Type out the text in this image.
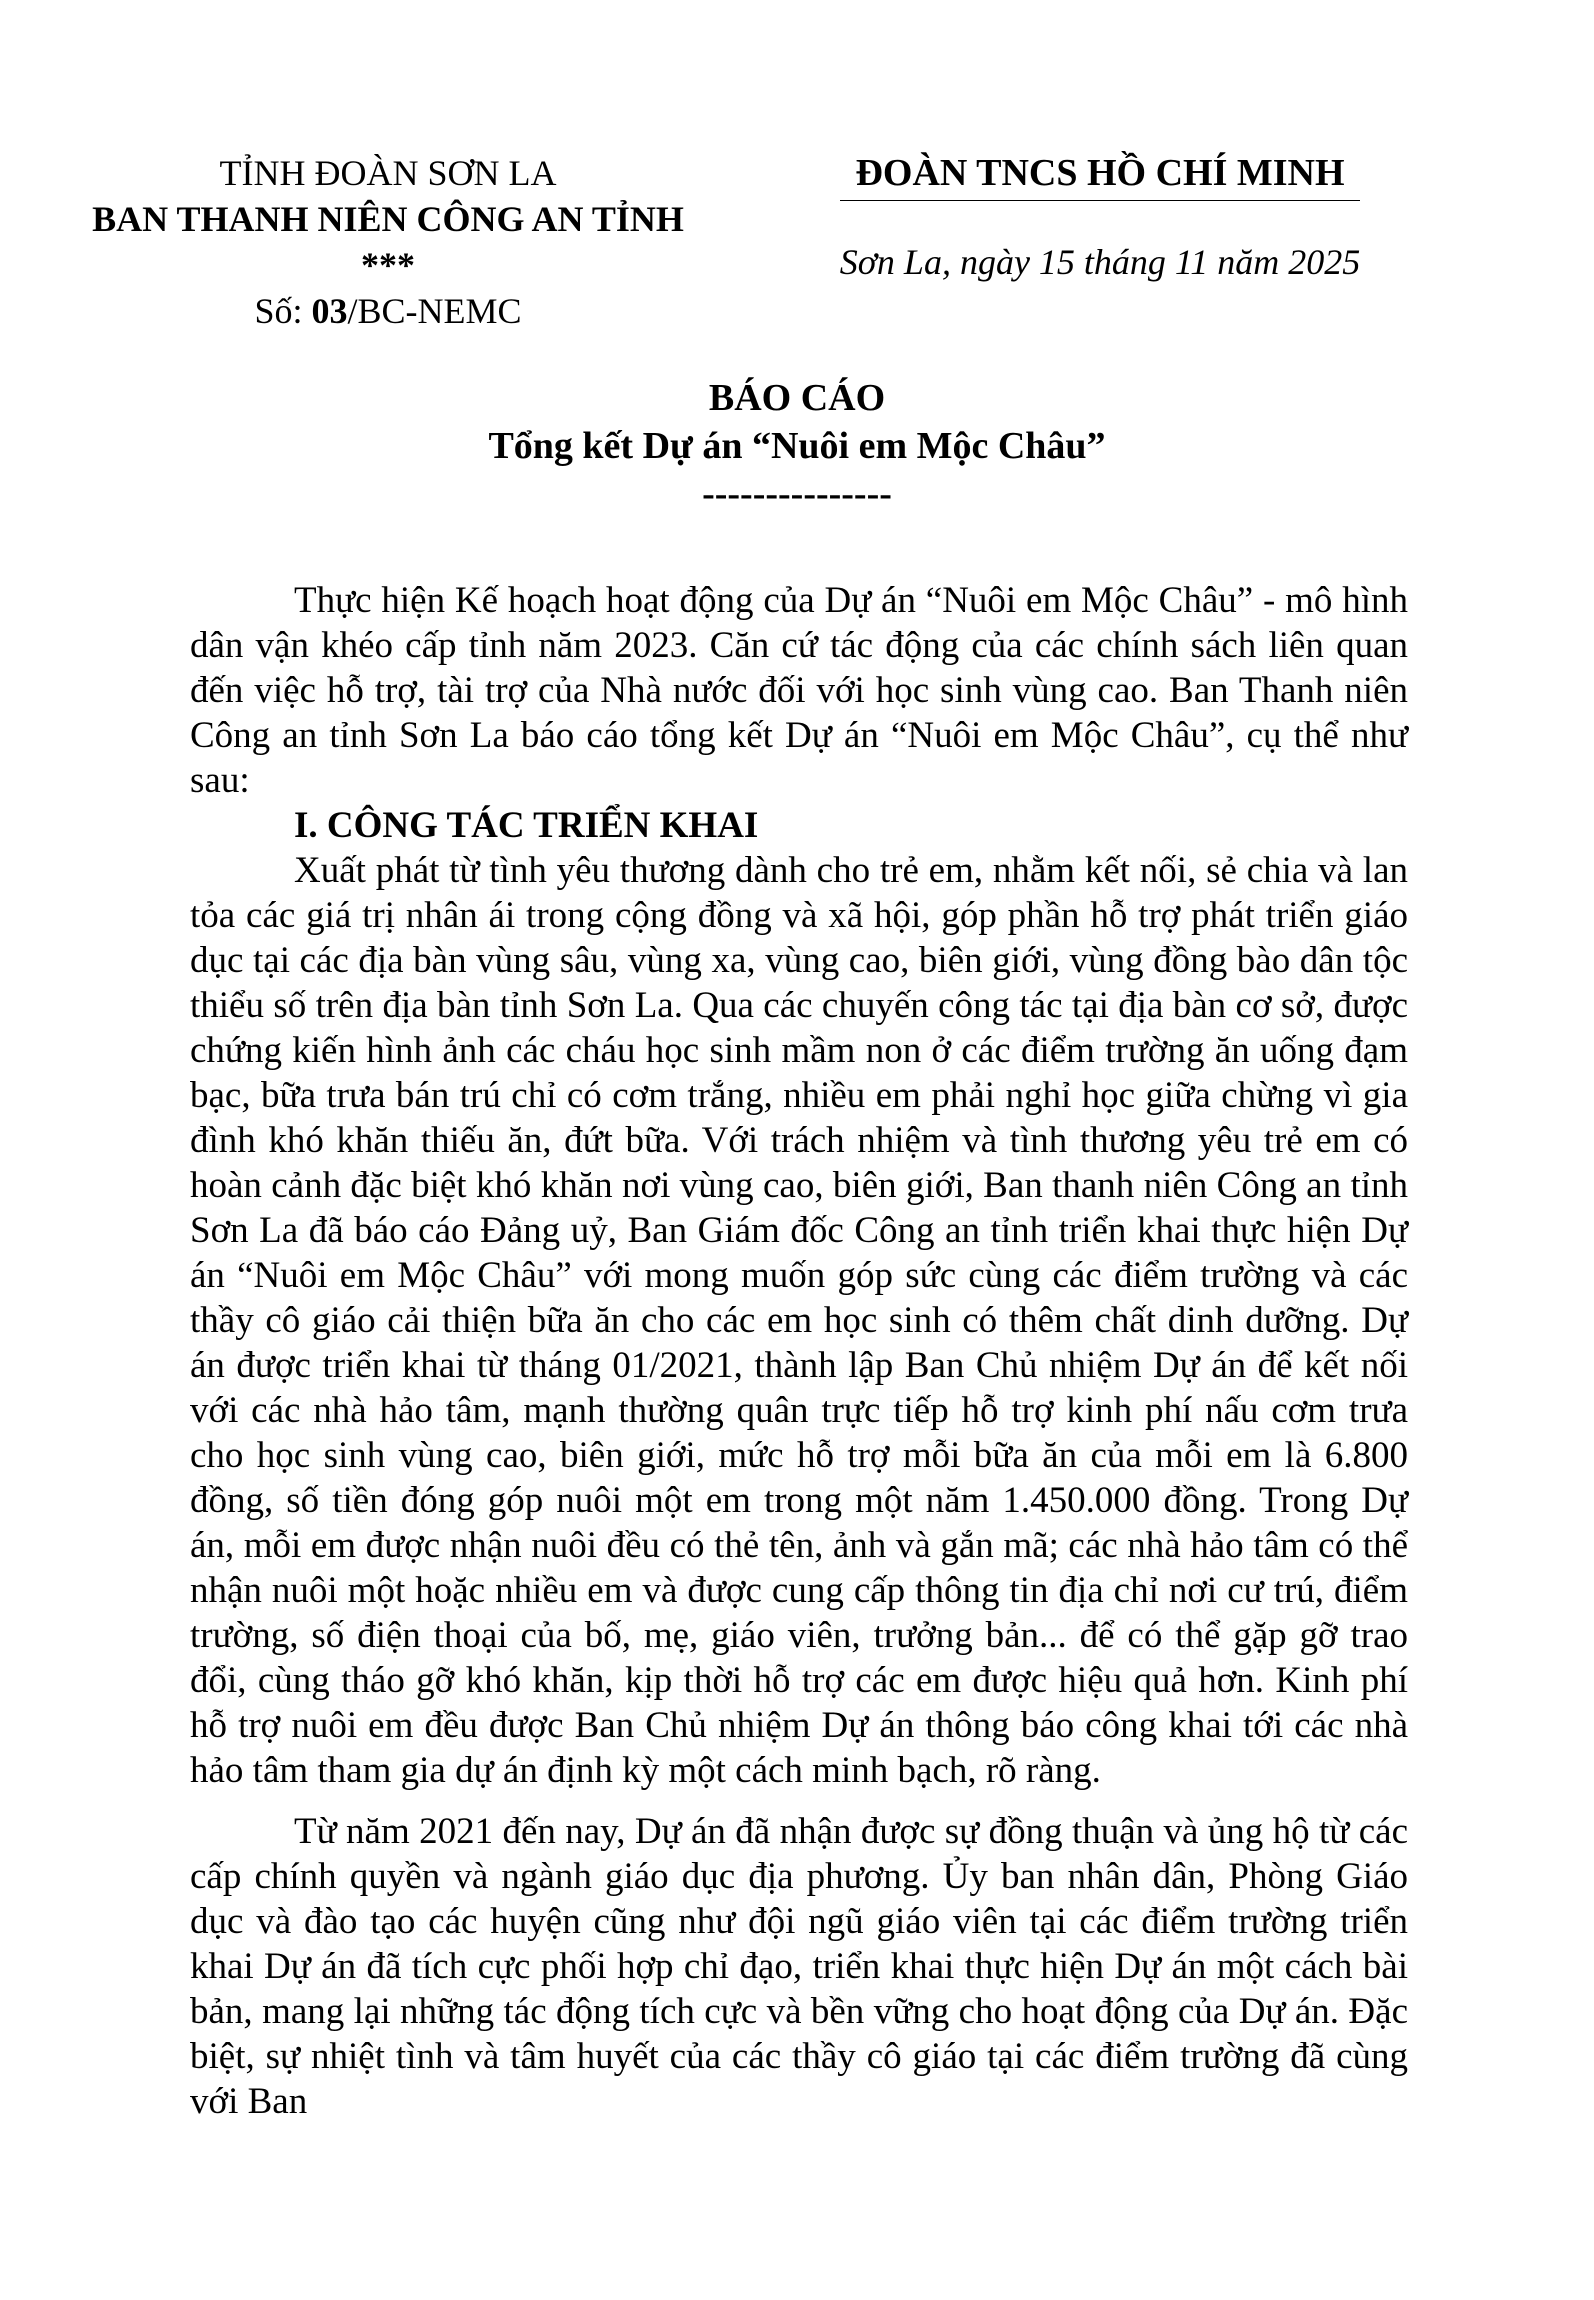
TỈNH ĐOÀN SƠN LA
BAN THANH NIÊN CÔNG AN TỈNH
***
Số: 03/BC-NEMC
ĐOÀN TNCS HỒ CHÍ MINH
Sơn La, ngày 15 tháng 11 năm 2025
BÁO CÁO
Tổng kết Dự án “Nuôi em Mộc Châu”
---------------

Thực hiện Kế hoạch hoạt động của Dự án “Nuôi em Mộc Châu” - mô hình dân vận khéo cấp tỉnh năm 2023. Căn cứ tác động của các chính sách liên quan đến việc hỗ trợ, tài trợ của Nhà nước đối với học sinh vùng cao. Ban Thanh niên Công an tỉnh Sơn La báo cáo tổng kết Dự án “Nuôi em Mộc Châu”, cụ thể như sau:

I. CÔNG TÁC TRIỂN KHAI

Xuất phát từ tình yêu thương dành cho trẻ em, nhằm kết nối, sẻ chia và lan tỏa các giá trị nhân ái trong cộng đồng và xã hội, góp phần hỗ trợ phát triển giáo dục tại các địa bàn vùng sâu, vùng xa, vùng cao, biên giới, vùng đồng bào dân tộc thiểu số trên địa bàn tỉnh Sơn La. Qua các chuyến công tác tại địa bàn cơ sở, được chứng kiến hình ảnh các cháu học sinh mầm non ở các điểm trường ăn uống đạm bạc, bữa trưa bán trú chỉ có cơm trắng, nhiều em phải nghỉ học giữa chừng vì gia đình khó khăn thiếu ăn, đứt bữa. Với trách nhiệm và tình thương yêu trẻ em có hoàn cảnh đặc biệt khó khăn nơi vùng cao, biên giới, Ban thanh niên Công an tỉnh Sơn La đã báo cáo Đảng uỷ, Ban Giám đốc Công an tỉnh triển khai thực hiện Dự án “Nuôi em Mộc Châu” với mong muốn góp sức cùng các điểm trường và các thầy cô giáo cải thiện bữa ăn cho các em học sinh có thêm chất dinh dưỡng. Dự án được triển khai từ tháng 01/2021, thành lập Ban Chủ nhiệm Dự án để kết nối với các nhà hảo tâm, mạnh thường quân trực tiếp hỗ trợ kinh phí nấu cơm trưa cho học sinh vùng cao, biên giới, mức hỗ trợ mỗi bữa ăn của mỗi em là 6.800 đồng, số tiền đóng góp nuôi một em trong một năm 1.450.000 đồng. Trong Dự án, mỗi em được nhận nuôi đều có thẻ tên, ảnh và gắn mã; các nhà hảo tâm có thể nhận nuôi một hoặc nhiều em và được cung cấp thông tin địa chỉ nơi cư trú, điểm trường, số điện thoại của bố, mẹ, giáo viên, trưởng bản... để có thể gặp gỡ trao đổi, cùng tháo gỡ khó khăn, kịp thời hỗ trợ các em được hiệu quả hơn. Kinh phí hỗ trợ nuôi em đều được Ban Chủ nhiệm Dự án thông báo công khai tới các nhà hảo tâm tham gia dự án định kỳ một cách minh bạch, rõ ràng.

Từ năm 2021 đến nay, Dự án đã nhận được sự đồng thuận và ủng hộ từ các cấp chính quyền và ngành giáo dục địa phương. Ủy ban nhân dân, Phòng Giáo dục và đào tạo các huyện cũng như đội ngũ giáo viên tại các điểm trường triển khai Dự án đã tích cực phối hợp chỉ đạo, triển khai thực hiện Dự án một cách bài bản, mang lại những tác động tích cực và bền vững cho hoạt động của Dự án. Đặc biệt, sự nhiệt tình và tâm huyết của các thầy cô giáo tại các điểm trường đã cùng với Ban
